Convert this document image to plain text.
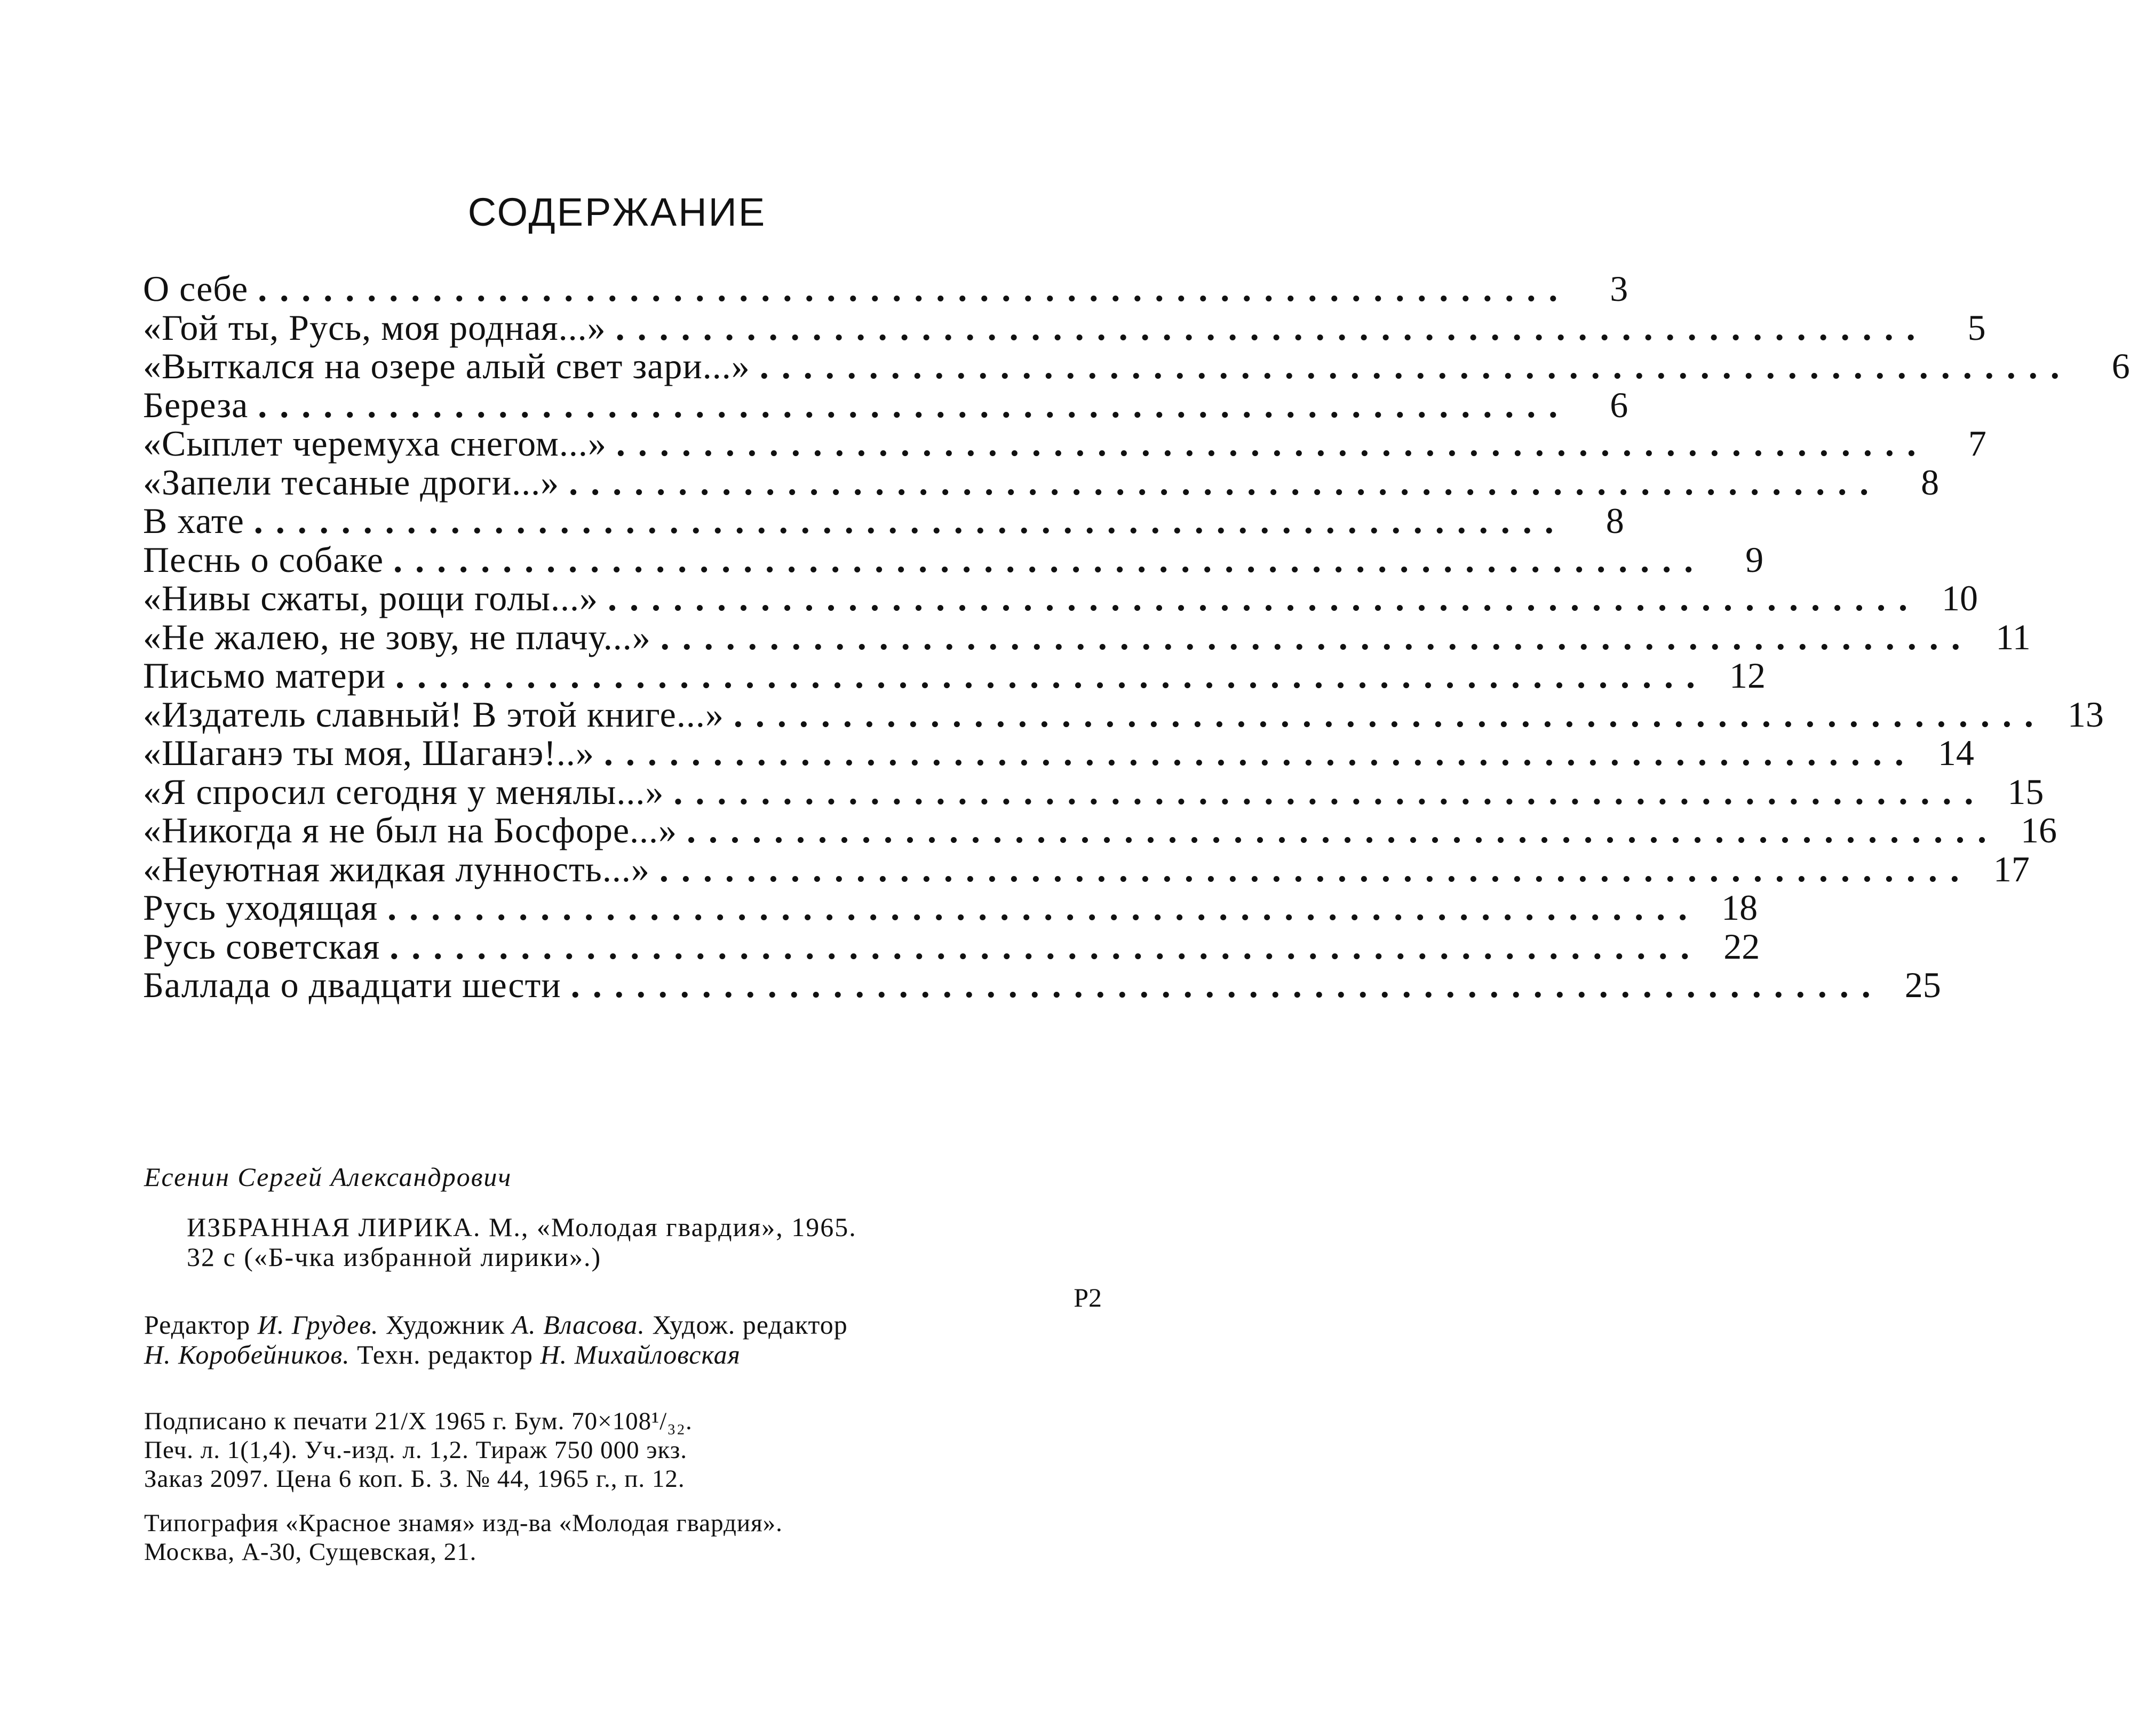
СОДЕРЖАНИЕ
О себе ............................................................	3
«Гой ты, Русь, моя родная...» ............................................................	5
«Выткался на озере алый свет зари...» ............................................................	6
Береза ............................................................	6
«Сыплет черемуха снегом...» ............................................................	7
«Запели тесаные дроги...» ............................................................	8
В хате ............................................................	8
Песнь о собаке ............................................................	9
«Нивы сжаты, рощи голы...» ............................................................ 10
«Не жалею, не зову, не плачу...» ............................................................ 11
Письмо матери ............................................................ 12
«Издатель славный! В этой книге...» ............................................................ 13
«Шаганэ ты моя, Шаганэ!..» ............................................................ 14
«Я спросил сегодня у менялы...» ............................................................ 15
«Никогда я не был на Босфоре...» ............................................................ 16
«Неуютная жидкая лунность...» ............................................................ 17
Русь уходящая ............................................................ 18
Русь советская ............................................................ 22
Баллада о двадцати шести ............................................................ 25
Есенин Сергей Александрович
ИЗБРАННАЯ ЛИРИКА. М., «Молодая гвардия», 1965.
32 с («Б-чка избранной лирики».)
Р2
Редактор И. Грудев. Художник А. Власова. Худож. редактор
Н. Коробейников. Техн. редактор Н. Михайловская
Подписано к печати 21/X 1965 г. Бум. 70×108¹/₃₂.
Печ. л. 1(1,4). Уч.-изд. л. 1,2. Тираж 750 000 экз.
Заказ 2097. Цена 6 коп. Б. З. № 44, 1965 г., п. 12.
Типография «Красное знамя» изд-ва «Молодая гвардия».
Москва, А-30, Сущевская, 21.
